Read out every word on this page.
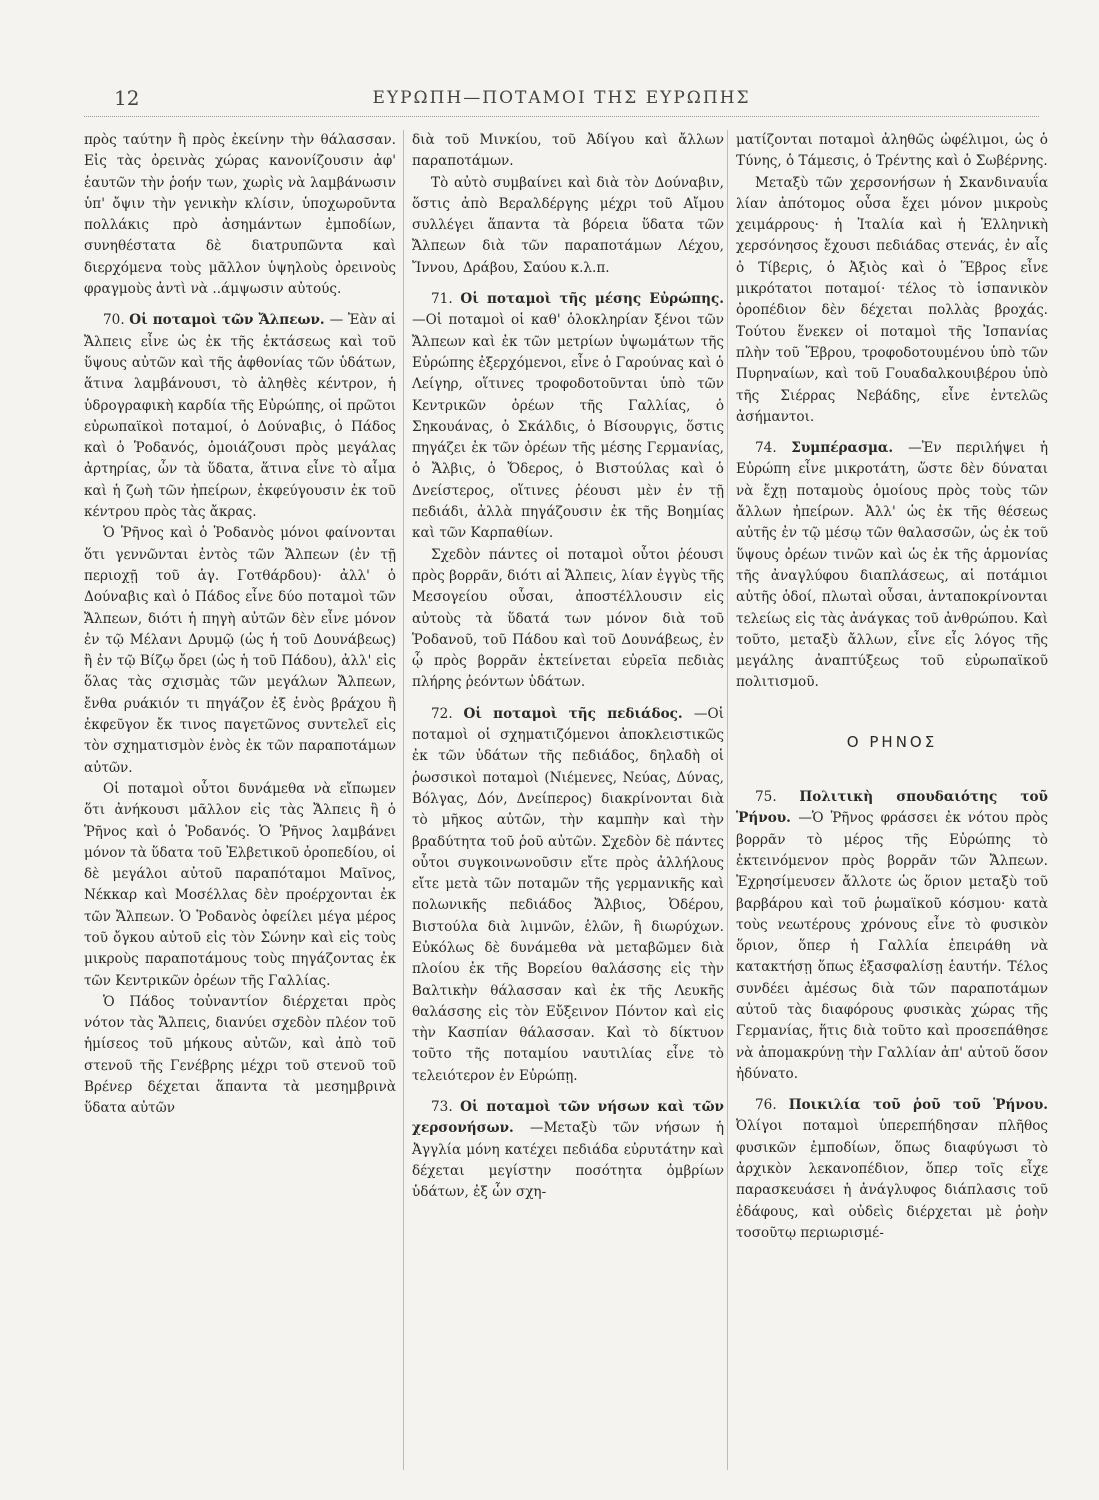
12	ΕΥΡΩΠΗ—ΠΟΤΑΜΟΙ ΤΗΣ ΕΥΡΩΠΗΣ

πρὸς ταύτην ἢ πρὸς ἐκείνην τὴν θάλασσαν. Εἰς τὰς ὀρεινὰς χώρας κανονίζουσιν ἀφ' ἑαυτῶν τὴν ῥοήν των, χωρὶς νὰ λαμβάνωσιν ὑπ' ὄψιν τὴν γενικὴν κλίσιν, ὑποχωροῦντα πολλάκις πρὸ ἀσημάντων ἐμποδίων, συνηθέστατα δὲ διατρυπῶντα καὶ διερχόμενα τοὺς μᾶλλον ὑψηλοὺς ὀρεινοὺς φραγμοὺς ἀντὶ νὰ ..άμψωσιν αὐτούς.

70. Οἱ ποταμοὶ τῶν Ἄλπεων. — Ἐὰν αἱ Ἄλπεις εἶνε ὡς ἐκ τῆς ἐκτάσεως καὶ τοῦ ὕψους αὐτῶν καὶ τῆς ἀφθονίας τῶν ὑδάτων, ἅτινα λαμβάνουσι, τὸ ἀληθὲς κέντρον, ἡ ὑδρογραφικὴ καρδία τῆς Εὐρώπης, οἱ πρῶτοι εὐρωπαϊκοὶ ποταμοί, ὁ Δούναβις, ὁ Πάδος καὶ ὁ Ῥοδανός, ὁμοιάζουσι πρὸς μεγάλας ἀρτηρίας, ὧν τὰ ὕδατα, ἅτινα εἶνε τὸ αἷμα καὶ ἡ ζωὴ τῶν ἠπείρων, ἐκφεύγουσιν ἐκ τοῦ κέντρου πρὸς τὰς ἄκρας.

Ὁ Ῥῆνος καὶ ὁ Ῥοδανὸς μόνοι φαίνονται ὅτι γεννῶνται ἐντὸς τῶν Ἄλπεων (ἐν τῇ περιοχῇ τοῦ ἁγ. Γοτθάρδου)· ἀλλ' ὁ Δούναβις καὶ ὁ Πάδος εἶνε δύο ποταμοὶ τῶν Ἄλπεων, διότι ἡ πηγὴ αὐτῶν δὲν εἶνε μόνον ἐν τῷ Μέλανι Δρυμῷ (ὡς ἡ τοῦ Δουνάβεως) ἢ ἐν τῷ Βίζῳ ὄρει (ὡς ἡ τοῦ Πάδου), ἀλλ' εἰς ὅλας τὰς σχισμὰς τῶν μεγάλων Ἄλπεων, ἔνθα ρυάκιόν τι πηγάζον ἐξ ἑνὸς βράχου ἢ ἐκφεῦγον ἔκ τινος παγετῶνος συντελεῖ εἰς τὸν σχηματισμὸν ἑνὸς ἐκ τῶν παραποτάμων αὐτῶν.

Οἱ ποταμοὶ οὗτοι δυνάμεθα νὰ εἴπωμεν ὅτι ἀνήκουσι μᾶλλον εἰς τὰς Ἄλπεις ἢ ὁ Ῥῆνος καὶ ὁ Ῥοδανός. Ὁ Ῥῆνος λαμβάνει μόνον τὰ ὕδατα τοῦ Ἐλβετικοῦ ὀροπεδίου, οἱ δὲ μεγάλοι αὐτοῦ παραπόταμοι Μαῖνος, Νέκκαρ καὶ Μοσέλλας δὲν προέρχονται ἐκ τῶν Ἄλπεων. Ὁ Ῥοδανὸς ὀφείλει μέγα μέρος τοῦ ὄγκου αὐτοῦ εἰς τὸν Σώνην καὶ εἰς τοὺς μικροὺς παραποτάμους τοὺς πηγάζοντας ἐκ τῶν Κεντρικῶν ὀρέων τῆς Γαλλίας.

Ὁ Πάδος τοὐναντίον διέρχεται πρὸς νότον τὰς Ἄλπεις, διανύει σχεδὸν πλέον τοῦ ἡμίσεος τοῦ μήκους αὐτῶν, καὶ ἀπὸ τοῦ στενοῦ τῆς Γενέβρης μέχρι τοῦ στενοῦ τοῦ Βρένερ δέχεται ἅπαντα τὰ μεσημβρινὰ ὕδατα αὐτῶν

διὰ τοῦ Μινκίου, τοῦ Ἀδίγου καὶ ἄλλων παραποτάμων.

Τὸ αὐτὸ συμβαίνει καὶ διὰ τὸν Δούναβιν, ὅστις ἀπὸ Βεραλδέργης μέχρι τοῦ Αἴμου συλλέγει ἅπαντα τὰ βόρεια ὕδατα τῶν Ἄλπεων διὰ τῶν παραποτάμων Λέχου, Ἴννου, Δράβου, Σαύου κ.λ.π.

71. Οἱ ποταμοὶ τῆς μέσης Εὐρώπης. —Οἱ ποταμοὶ οἱ καθ' ὁλοκληρίαν ξένοι τῶν Ἄλπεων καὶ ἐκ τῶν μετρίων ὑψωμάτων τῆς Εὐρώπης ἐξερχόμενοι, εἶνε ὁ Γαρούνας καὶ ὁ Λείγηρ, οἵτινες τροφοδοτοῦνται ὑπὸ τῶν Κεντρικῶν ὀρέων τῆς Γαλλίας, ὁ Σηκουάνας, ὁ Σκάλδις, ὁ Βίσουργις, ὅστις πηγάζει ἐκ τῶν ὀρέων τῆς μέσης Γερμανίας, ὁ Ἄλβις, ὁ Ὄδερος, ὁ Βιστούλας καὶ ὁ Δνείστερος, οἵτινες ῥέουσι μὲν ἐν τῇ πεδιάδι, ἀλλὰ πηγάζουσιν ἐκ τῆς Βοημίας καὶ τῶν Καρπαθίων.

Σχεδὸν πάντες οἱ ποταμοὶ οὗτοι ῥέουσι πρὸς βορρᾶν, διότι αἱ Ἄλπεις, λίαν ἐγγὺς τῆς Μεσογείου οὖσαι, ἀποστέλλουσιν εἰς αὐτοὺς τὰ ὕδατά των μόνον διὰ τοῦ Ῥοδανοῦ, τοῦ Πάδου καὶ τοῦ Δουνάβεως, ἐν ᾧ πρὸς βορρᾶν ἐκτείνεται εὐρεῖα πεδιὰς πλήρης ῥεόντων ὑδάτων.

72. Οἱ ποταμοὶ τῆς πεδιάδος. —Οἱ ποταμοὶ οἱ σχηματιζόμενοι ἀποκλειστικῶς ἐκ τῶν ὑδάτων τῆς πεδιάδος, δηλαδὴ οἱ ῥωσσικοὶ ποταμοὶ (Νιέμενες, Νεύας, Δύνας, Βόλγας, Δόν, Δνείπερος) διακρίνονται διὰ τὸ μῆκος αὐτῶν, τὴν καμπὴν καὶ τὴν βραδύτητα τοῦ ῥοῦ αὐτῶν. Σχεδὸν δὲ πάντες οὗτοι συγκοινωνοῦσιν εἴτε πρὸς ἀλλήλους εἴτε μετὰ τῶν ποταμῶν τῆς γερμανικῆς καὶ πολωνικῆς πεδιάδος Ἄλβιος, Ὀδέρου, Βιστούλα διὰ λιμνῶν, ἑλῶν, ἢ διωρύχων. Εὐκόλως δὲ δυνάμεθα νὰ μεταβῶμεν διὰ πλοίου ἐκ τῆς Βορείου θαλάσσης εἰς τὴν Βαλτικὴν θάλασσαν καὶ ἐκ τῆς Λευκῆς θαλάσσης εἰς τὸν Εὔξεινον Πόντον καὶ εἰς τὴν Κασπίαν θάλασσαν. Καὶ τὸ δίκτυον τοῦτο τῆς ποταμίου ναυτιλίας εἶνε τὸ τελειότερον ἐν Εὐρώπῃ.

73. Οἱ ποταμοὶ τῶν νήσων καὶ τῶν χερσονήσων. —Μεταξὺ τῶν νήσων ἡ Ἀγγλία μόνη κατέχει πεδιάδα εὐρυτάτην καὶ δέχεται μεγίστην ποσότητα ὀμβρίων ὑδάτων, ἐξ ὧν σχη-

ματίζονται ποταμοὶ ἀληθῶς ὠφέλιμοι, ὡς ὁ Τύνης, ὁ Τάμεσις, ὁ Τρέντης καὶ ὁ Σωβέρνης.

Μεταξὺ τῶν χερσονήσων ἡ Σκανδιναυΐα λίαν ἀπότομος οὖσα ἔχει μόνον μικροὺς χειμάρρους· ἡ Ἰταλία καὶ ἡ Ἑλληνικὴ χερσόνησος ἔχουσι πεδιάδας στενάς, ἐν αἷς ὁ Τίβερις, ὁ Ἀξιὸς καὶ ὁ Ἕβρος εἶνε μικρότατοι ποταμοί· τέλος τὸ ἱσπανικὸν ὀροπέδιον δὲν δέχεται πολλὰς βροχάς. Τούτου ἕνεκεν οἱ ποταμοὶ τῆς Ἰσπανίας πλὴν τοῦ Ἕβρου, τροφοδοτουμένου ὑπὸ τῶν Πυρηναίων, καὶ τοῦ Γουαδαλκουιβέρου ὑπὸ τῆς Σιέρρας Νεβάδης, εἶνε ἐντελῶς ἀσήμαντοι.

74. Συμπέρασμα. —Ἐν περιλήψει ἡ Εὐρώπη εἶνε μικροτάτη, ὥστε δὲν δύναται νὰ ἔχῃ ποταμοὺς ὁμοίους πρὸς τοὺς τῶν ἄλλων ἠπείρων. Ἀλλ' ὡς ἐκ τῆς θέσεως αὐτῆς ἐν τῷ μέσῳ τῶν θαλασσῶν, ὡς ἐκ τοῦ ὕψους ὀρέων τινῶν καὶ ὡς ἐκ τῆς ἁρμονίας τῆς ἀναγλύφου διαπλάσεως, αἱ ποτάμιοι αὐτῆς ὁδοί, πλωταὶ οὖσαι, ἀνταποκρίνονται τελείως εἰς τὰς ἀνάγκας τοῦ ἀνθρώπου. Καὶ τοῦτο, μεταξὺ ἄλλων, εἶνε εἷς λόγος τῆς μεγάλης ἀναπτύξεως τοῦ εὐρωπαϊκοῦ πολιτισμοῦ.

Ο ΡΗΝΟΣ

75. Πολιτικὴ σπουδαιότης τοῦ Ῥήνου. —Ὁ Ῥῆνος φράσσει ἐκ νότου πρὸς βορρᾶν τὸ μέρος τῆς Εὐρώπης τὸ ἐκτεινόμενον πρὸς βορρᾶν τῶν Ἄλπεων. Ἐχρησίμευσεν ἄλλοτε ὡς ὅριον μεταξὺ τοῦ βαρβάρου καὶ τοῦ ῥωμαϊκοῦ κόσμου· κατὰ τοὺς νεωτέρους χρόνους εἶνε τὸ φυσικὸν ὅριον, ὅπερ ἡ Γαλλία ἐπειράθη νὰ κατακτήσῃ ὅπως ἐξασφαλίσῃ ἑαυτήν. Τέλος συνδέει ἀμέσως διὰ τῶν παραποτάμων αὐτοῦ τὰς διαφόρους φυσικὰς χώρας τῆς Γερμανίας, ἥτις διὰ τοῦτο καὶ προσεπάθησε νὰ ἀπομακρύνῃ τὴν Γαλλίαν ἀπ' αὐτοῦ ὅσον ἠδύνατο.

76. Ποικιλία τοῦ ῥοῦ τοῦ Ῥήνου. Ὀλίγοι ποταμοὶ ὑπερεπήδησαν πλῆθος φυσικῶν ἐμποδίων, ὅπως διαφύγωσι τὸ ἀρχικὸν λεκανοπέδιον, ὅπερ τοῖς εἶχε παρασκευάσει ἡ ἀνάγλυφος διάπλασις τοῦ ἐδάφους, καὶ οὐδεὶς διέρχεται μὲ ῥοὴν τοσοῦτῳ περιωρισμέ-
